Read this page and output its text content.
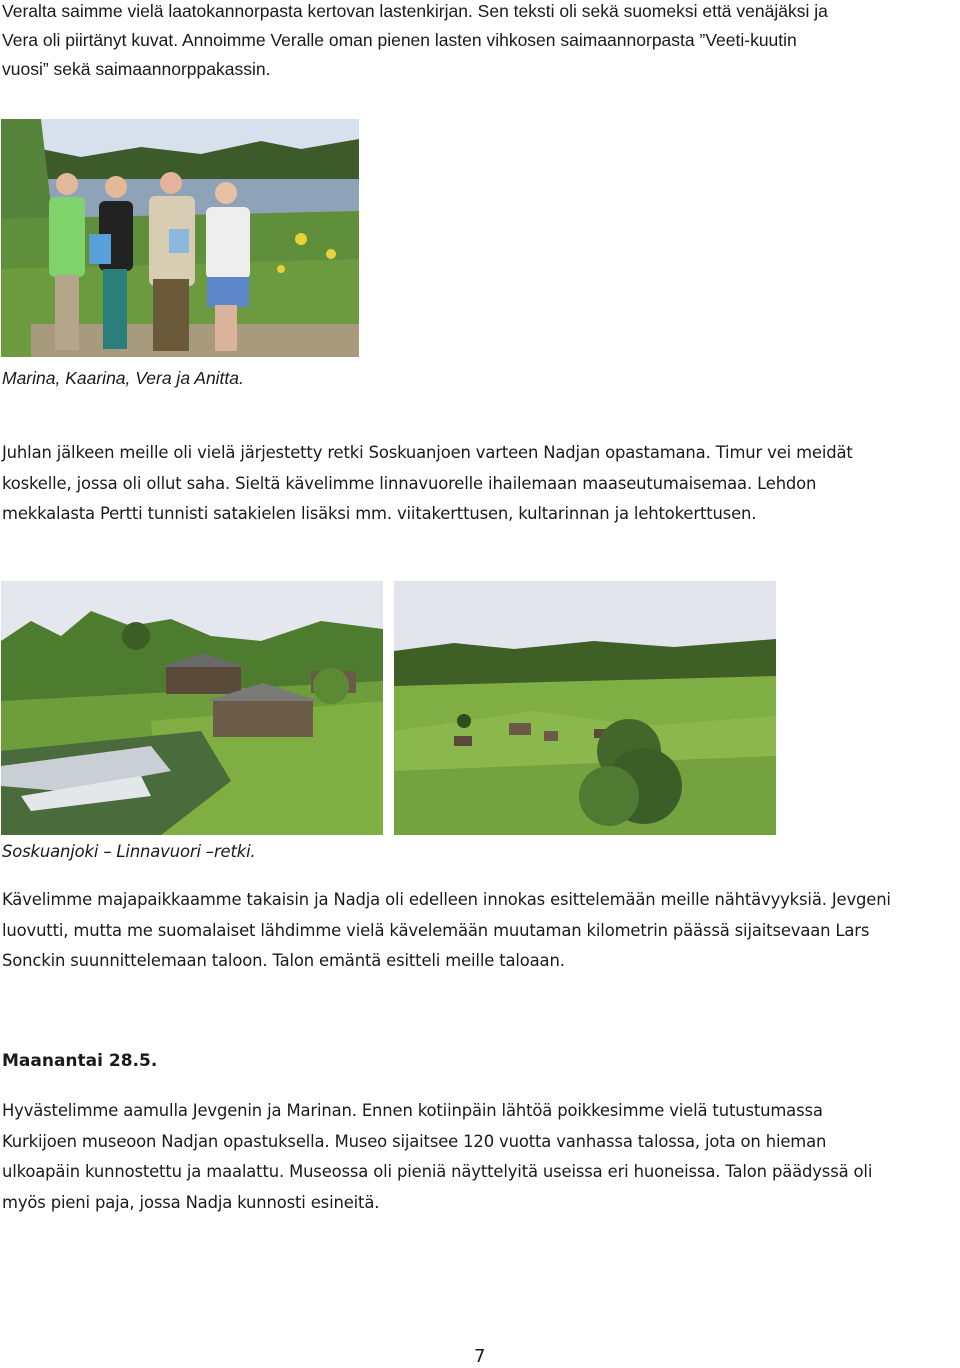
Veralta saimme vielä laatokannorpasta kertovan lastenkirjan. Sen teksti oli sekä suomeksi että venäjäksi ja
Vera oli piirtänyt kuvat. Annoimme Veralle oman pienen lasten vihkosen saimaannorpasta ”Veeti-kuutin
vuosi” sekä saimaannorppakassin.

Marina, Kaarina, Vera ja Anitta.

Juhlan jälkeen meille oli vielä järjestetty retki Soskuanjoen varteen Nadjan opastamana. Timur vei meidät
koskelle, jossa oli ollut saha. Sieltä kävelimme linnavuorelle ihailemaan maaseutumaisemaa. Lehdon
mekkalasta Pertti tunnisti satakielen lisäksi mm. viitakerttusen, kultarinnan ja lehtokerttusen.

Soskuanjoki – Linnavuori –retki.

Kävelimme majapaikkaamme takaisin ja Nadja oli edelleen innokas esittelemään meille nähtävyyksiä. Jevgeni
luovutti, mutta me suomalaiset lähdimme vielä kävelemään muutaman kilometrin päässä sijaitsevaan Lars
Sonckin suunnittelemaan taloon. Talon emäntä esitteli meille taloaan.

Maanantai 28.5.

Hyvästelimme aamulla Jevgenin ja Marinan. Ennen kotiinpäin lähtöä poikkesimme vielä tutustumassa
Kurkijoen museoon Nadjan opastuksella. Museo sijaitsee 120 vuotta vanhassa talossa, jota on hieman
ulkoapäin kunnostettu ja maalattu. Museossa oli pieniä näyttelyitä useissa eri huoneissa. Talon päädyssä oli
myös pieni paja, jossa Nadja kunnosti esineitä.
7
